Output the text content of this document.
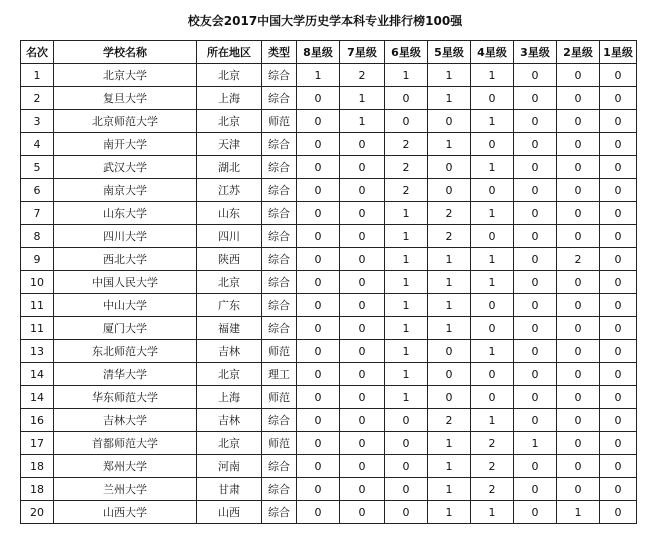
校友会2017中国大学历史学本科专业排行榜100强
名次	学校名称	所在地区	类型	8星级	7星级	6星级	5星级	4星级	3星级	2星级	1星级
1	北京大学	北京	综合	1	2	1	1	1	0	0	0
2	复旦大学	上海	综合	0	1	0	1	0	0	0	0
3	北京师范大学	北京	师范	0	1	0	0	1	0	0	0
4	南开大学	天津	综合	0	0	2	1	0	0	0	0
5	武汉大学	湖北	综合	0	0	2	0	1	0	0	0
6	南京大学	江苏	综合	0	0	2	0	0	0	0	0
7	山东大学	山东	综合	0	0	1	2	1	0	0	0
8	四川大学	四川	综合	0	0	1	2	0	0	0	0
9	西北大学	陕西	综合	0	0	1	1	1	0	2	0
10	中国人民大学	北京	综合	0	0	1	1	1	0	0	0
11	中山大学	广东	综合	0	0	1	1	0	0	0	0
11	厦门大学	福建	综合	0	0	1	1	0	0	0	0
13	东北师范大学	吉林	师范	0	0	1	0	1	0	0	0
14	清华大学	北京	理工	0	0	1	0	0	0	0	0
14	华东师范大学	上海	师范	0	0	1	0	0	0	0	0
16	吉林大学	吉林	综合	0	0	0	2	1	0	0	0
17	首都师范大学	北京	师范	0	0	0	1	2	1	0	0
18	郑州大学	河南	综合	0	0	0	1	2	0	0	0
18	兰州大学	甘肃	综合	0	0	0	1	2	0	0	0
20	山西大学	山西	综合	0	0	0	1	1	0	1	0
